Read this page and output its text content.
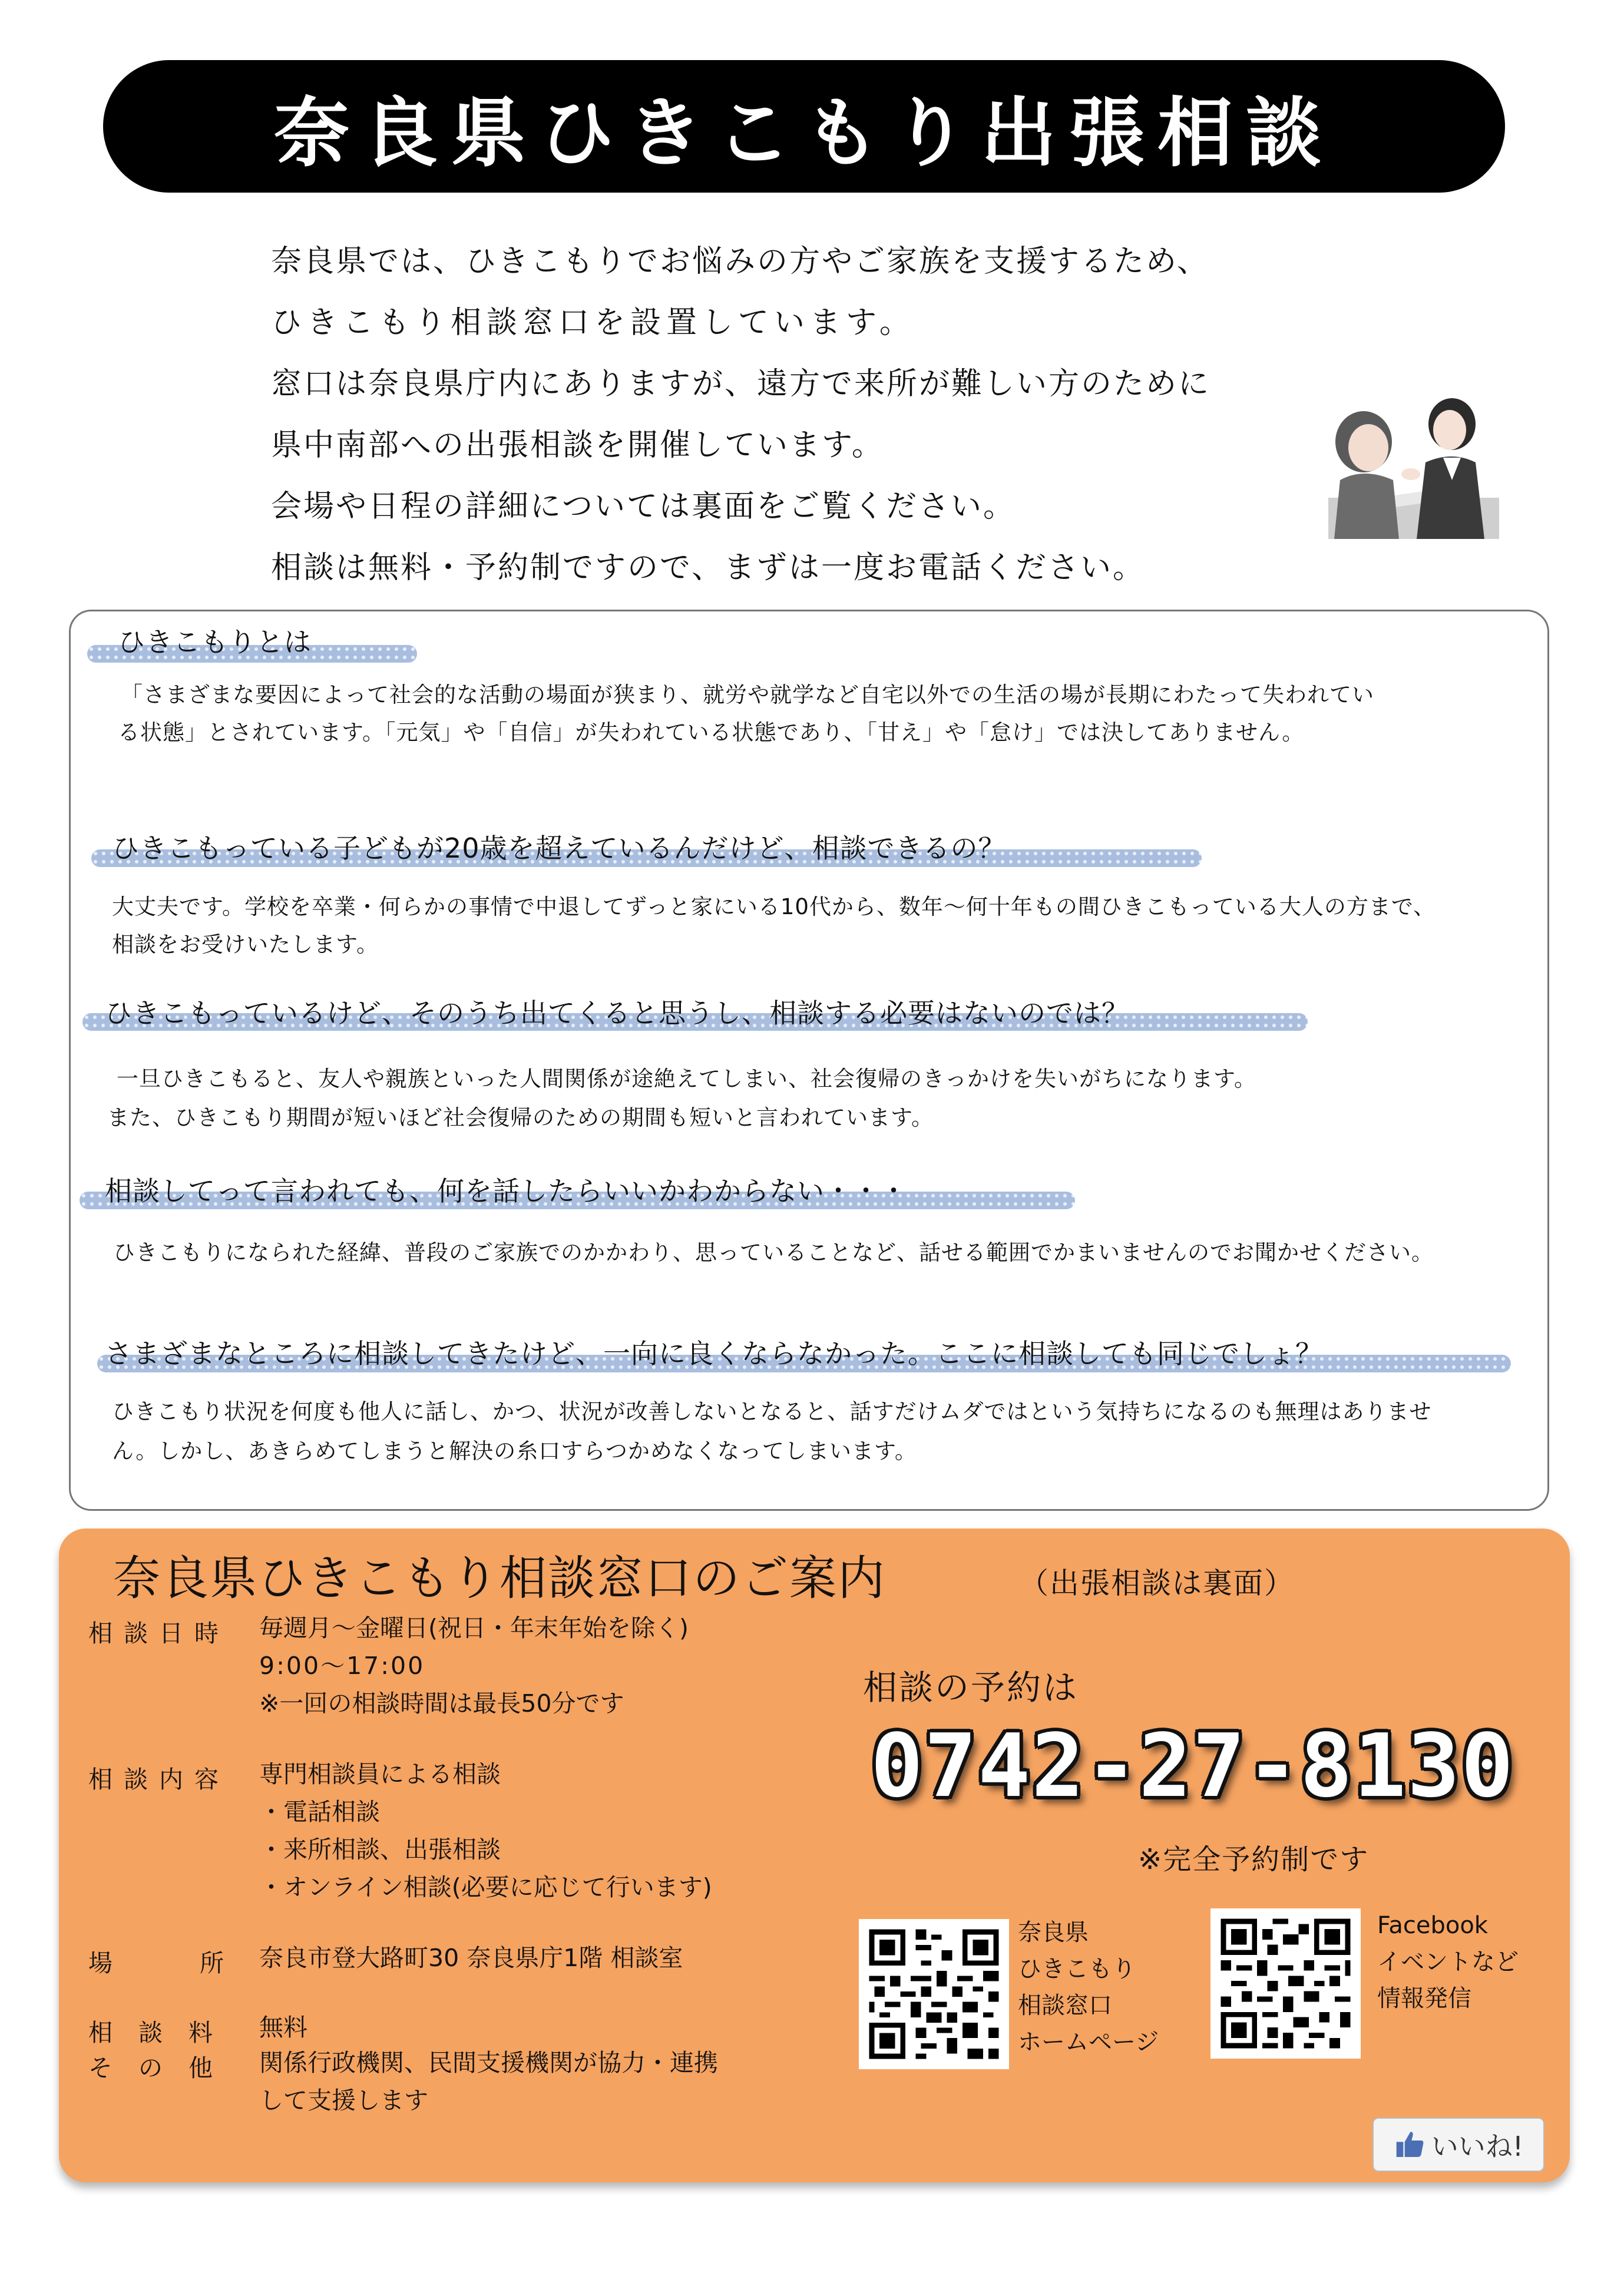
奈良県ひきこもり出張相談
奈良県では、ひきこもりでお悩みの方やご家族を支援するため、
ひきこもり相談窓口を設置しています。
窓口は奈良県庁内にありますが、遠方で来所が難しい方のために
県中南部への出張相談を開催しています。
会場や日程の詳細については裏面をご覧ください。
相談は無料・予約制ですので、まずは一度お電話ください。
ひきこもりとは
「さまざまな要因によって社会的な活動の場面が狭まり、就労や就学など自宅以外での生活の場が長期にわたって失われてい
る状態」とされています。「元気」や「自信」が失われている状態であり、「甘え」や「怠け」では決してありません。
ひきこもっている子どもが20歳を超えているんだけど、相談できるの？
大丈夫です。学校を卒業・何らかの事情で中退してずっと家にいる10代から、数年～何十年もの間ひきこもっている大人の方まで、
相談をお受けいたします。
ひきこもっているけど、そのうち出てくると思うし、相談する必要はないのでは？
一旦ひきこもると、友人や親族といった人間関係が途絶えてしまい、社会復帰のきっかけを失いがちになります。
また、ひきこもり期間が短いほど社会復帰のための期間も短いと言われています。
相談してって言われても、何を話したらいいかわからない・・・
ひきこもりになられた経緯、普段のご家族でのかかわり、思っていることなど、話せる範囲でかまいませんのでお聞かせください。
さまざまなところに相談してきたけど、一向に良くならなかった。ここに相談しても同じでしょ？
ひきこもり状況を何度も他人に話し、かつ、状況が改善しないとなると、話すだけムダではという気持ちになるのも無理はありませ
ん。しかし、あきらめてしまうと解決の糸口すらつかめなくなってしまいます。
奈良県ひきこもり相談窓口のご案内	（出張相談は裏面）
相談日時
相談内容
場所
相談料
その他
毎週月～金曜日(祝日・年末年始を除く)
9:00～17:00
※一回の相談時間は最長50分です
専門相談員による相談
・電話相談
・来所相談、出張相談
・オンライン相談(必要に応じて行います)
奈良市登大路町30 奈良県庁1階 相談室
無料
関係行政機関、民間支援機関が協力・連携
して支援します
相談の予約は
0742-27-8130
※完全予約制です
奈良県
ひきこもり
相談窓口
ホームページ
Facebook
イベントなど
情報発信
いいね!
